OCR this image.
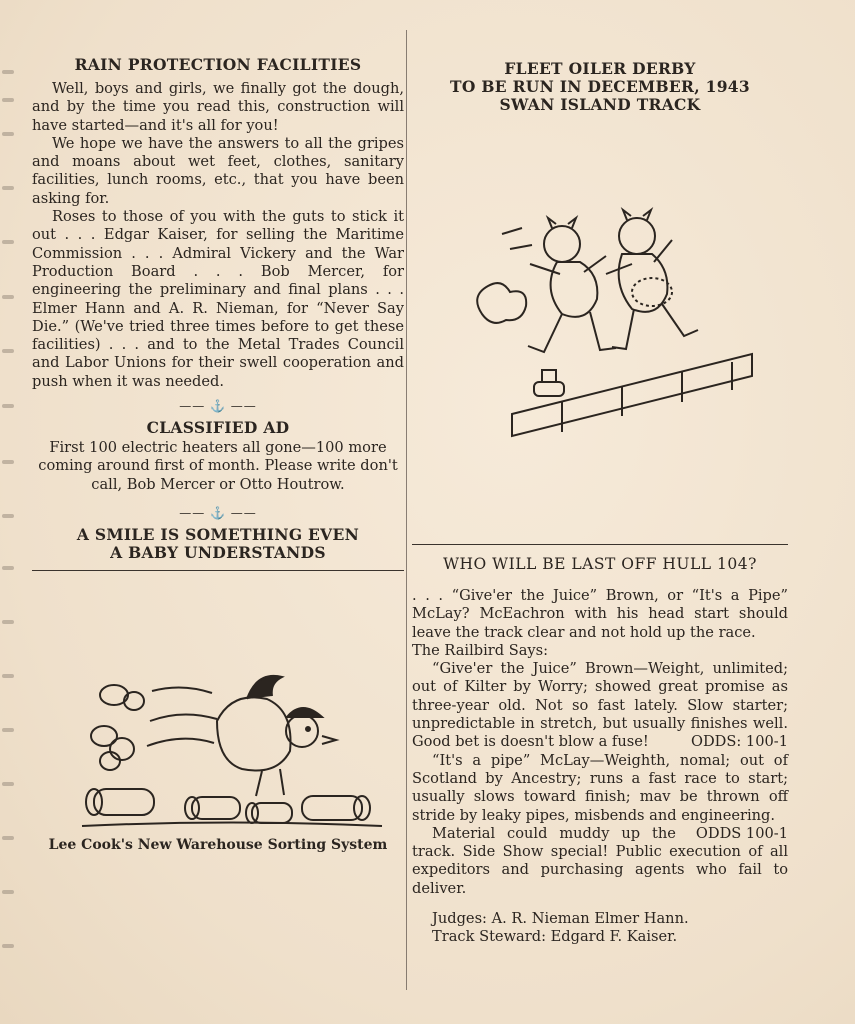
RAIN PROTECTION FACILITIES

Well, boys and girls, we finally got the dough, and by the time you read this, construction will have started—and it's all for you!

We hope we have the answers to all the gripes and moans about wet feet, clothes, sanitary facilities, lunch rooms, etc., that you have been asking for.

Roses to those of you with the guts to stick it out . . . Edgar Kaiser, for selling the Maritime Commission . . . Admiral Vickery and the War Production Board . . . Bob Mercer, for engineering the preliminary and final plans . . . Elmer Hann and A. R. Nieman, for “Never Say Die.” (We've tried three times before to get these facilities) . . . and to the Metal Trades Council and Labor Unions for their swell cooperation and push when it was needed.

—— ⚓ ——
CLASSIFIED AD

First 100 electric heaters all gone—100 more coming around first of month. Please write don't call, Bob Mercer or Otto Houtrow.

—— ⚓ ——
A SMILE IS SOMETHING EVEN
A BABY UNDERSTANDS
Lee Cook's New Warehouse Sorting System
FLEET OILER DERBY
TO BE RUN IN DECEMBER, 1943
SWAN ISLAND TRACK
WHO WILL BE LAST OFF HULL 104?

. . . “Give'er the Juice” Brown, or “It's a Pipe” McLay? McEachron with his head start should leave the track clear and not hold up the race.

The Railbird Says:

“Give'er the Juice” Brown—Weight, unlimited; out of Kilter by Worry; showed great promise as three-year old. Not so fast lately. Slow starter; unpredictable in stretch, but usually finishes well. Good bet is doesn't blow a fuse!	ODDS: 100-1

“It's a pipe” McLay—Weighth, nomal; out of Scotland by Ancestry; runs a fast race to start; usually slows toward finish; mav be thrown off stride by leaky pipes, misbends and engineering.
ODDS 100-1

Material could muddy up the track. Side Show special! Public execution of all expeditors and purchasing agents who fail to deliver.

Judges: A. R. Nieman Elmer Hann.

Track Steward: Edgard F. Kaiser.
